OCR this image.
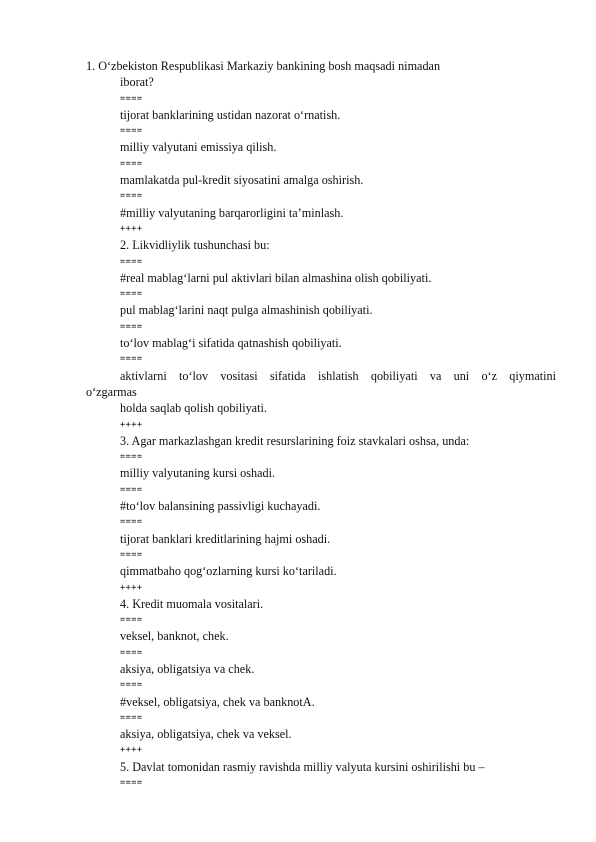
1. O‘zbekiston Respublikasi Markaziy bankining bosh maqsadi nimadan
iborat?
====
tijorat banklarining ustidan nazorat o‘rnatish.
====
milliy valyutani emissiya qilish.
====
mamlakatda pul-kredit siyosatini amalga oshirish.
====
#milliy valyutaning barqarorligini ta’minlash.
++++
2. Likvidliylik tushunchasi bu:
====
#real mablag‘larni pul aktivlari bilan almashina olish qobiliyati.
====
pul mablag‘larini naqt pulga almashinish qobiliyati.
====
to‘lov mablag‘i sifatida qatnashish qobiliyati.
====
aktivlarni to‘lov vositasi sifatida ishlatish qobiliyati va uni o‘z qiymatini
o‘zgarmas
holda saqlab qolish qobiliyati.
++++
3. Agar markazlashgan kredit resurslarining foiz stavkalari oshsa, unda:
====
milliy valyutaning kursi oshadi.
====
#to‘lov balansining passivligi kuchayadi.
====
tijorat banklari kreditlarining hajmi oshadi.
====
qimmatbaho qog‘ozlarning kursi ko‘tariladi.
++++
4. Kredit muomala vositalari.
====
veksel, banknot, chek.
====
aksiya, obligatsiya va chek.
====
#veksel, obligatsiya, chek va banknotA.
====
aksiya, obligatsiya, chek va veksel.
++++
5. Davlat tomonidan rasmiy ravishda milliy valyuta kursini oshirilishi bu –
====
